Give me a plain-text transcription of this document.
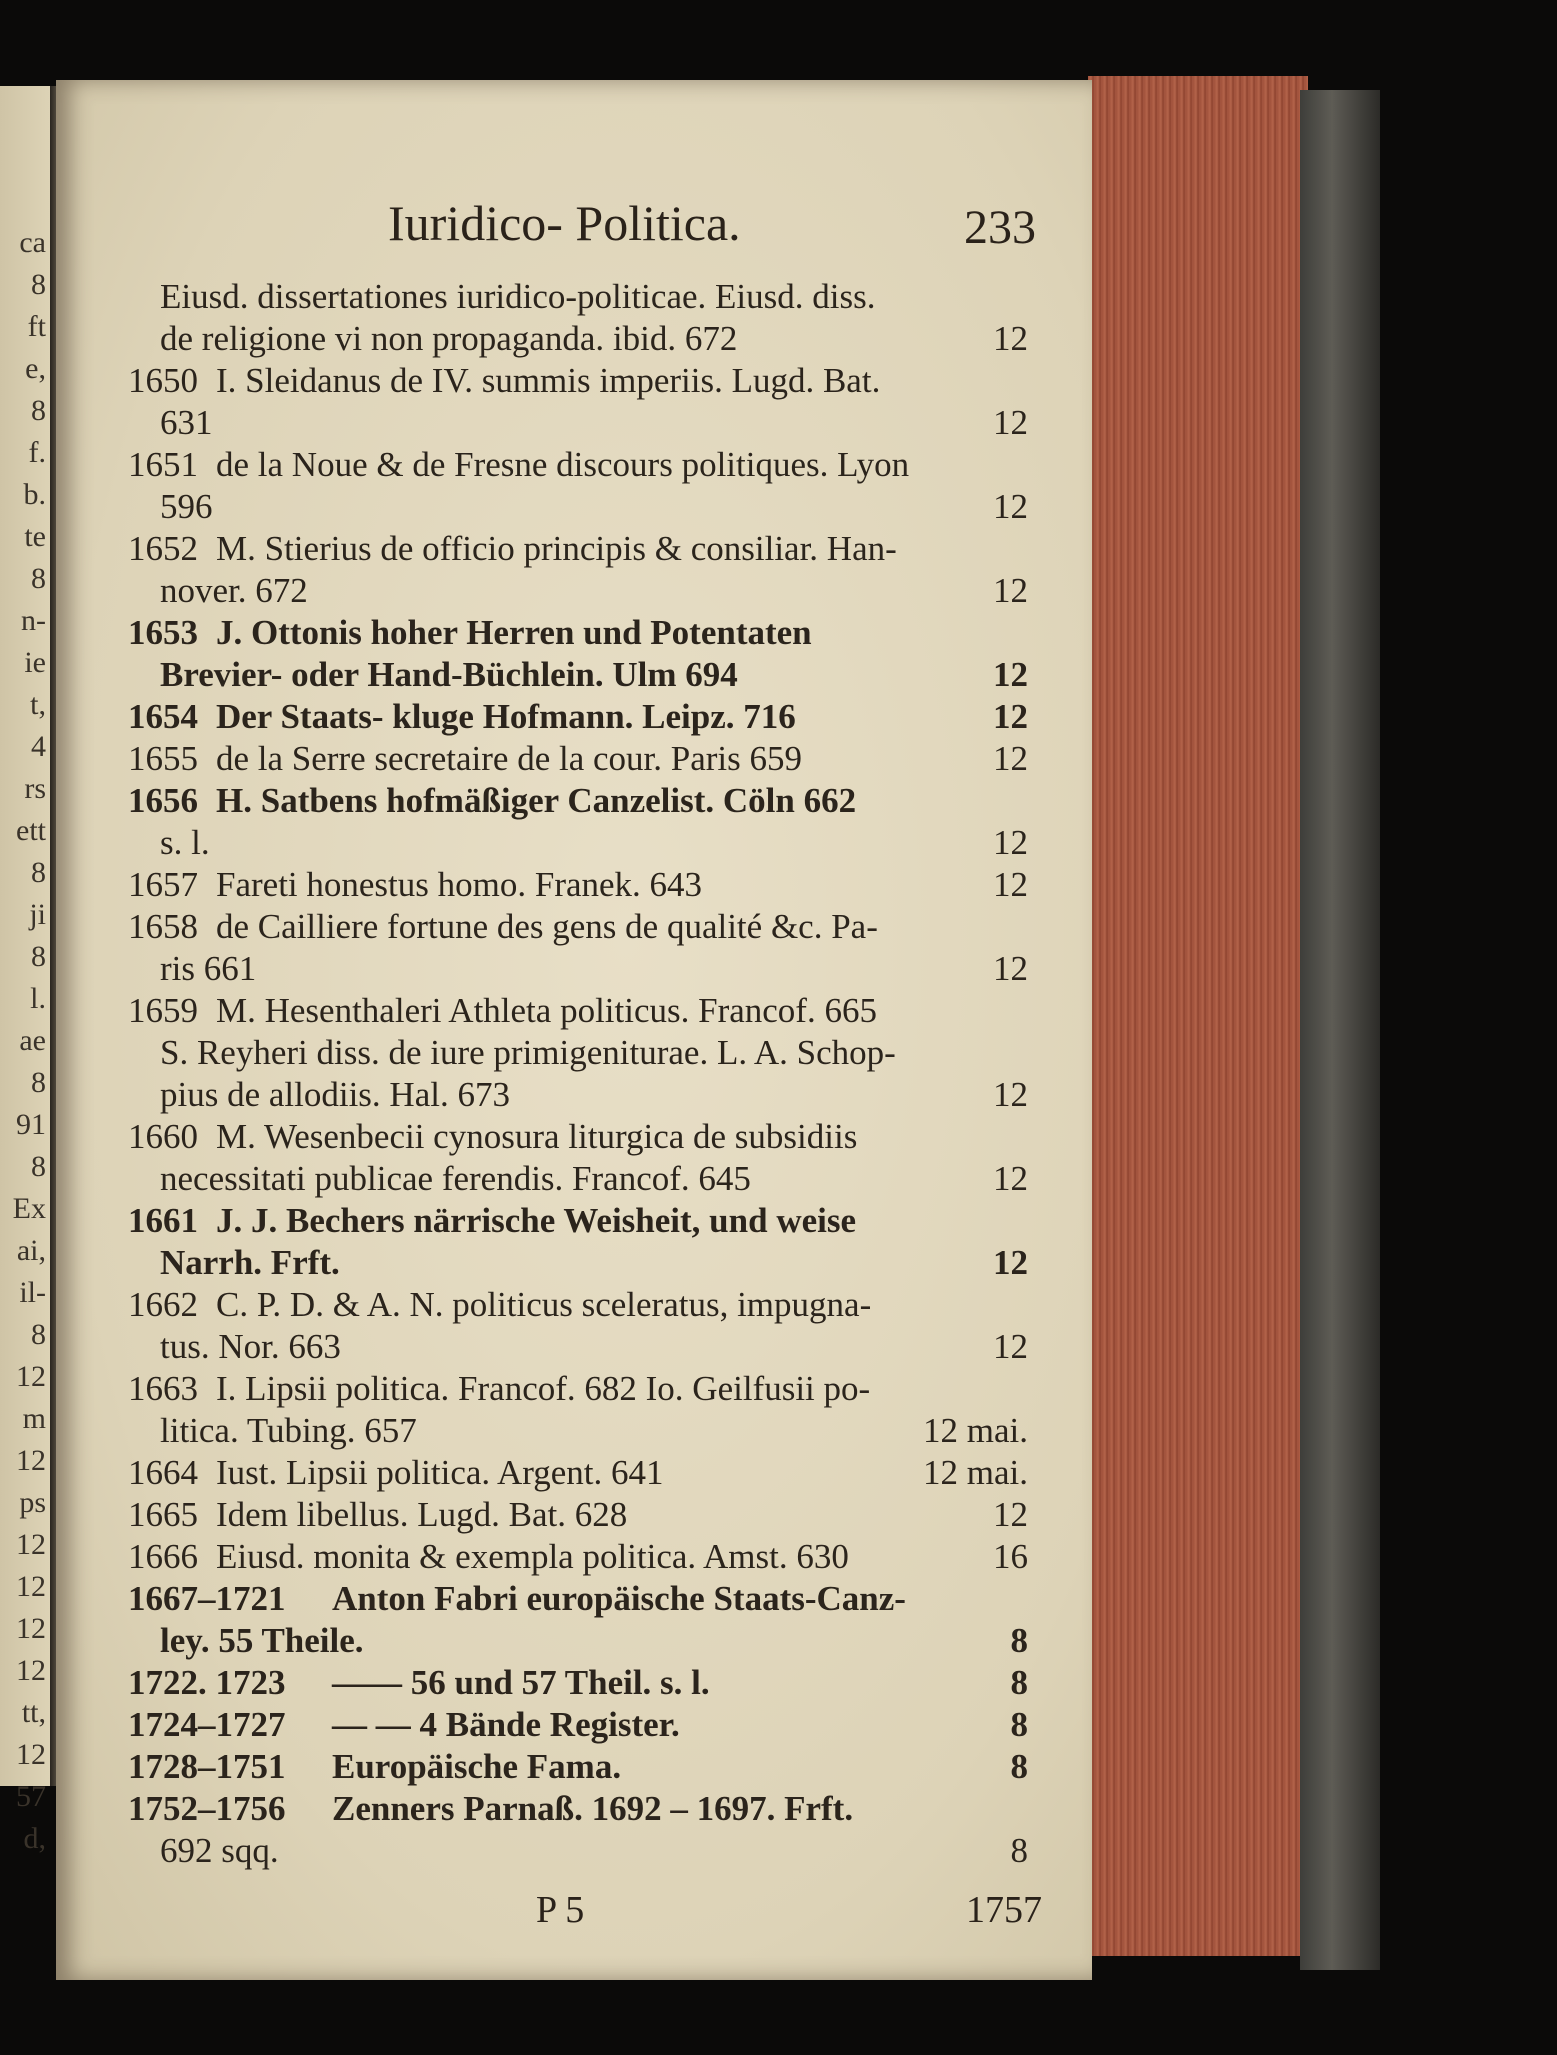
ca
8
ft
e,
8
f.
b.
te
8
n-
ie
t,
4
rs
ett
8
ji
8
l.
ae
8
91
8
Ex
ai,
il-
8
12
m
12
ps
12
12
12
12
tt,
12
57
d,
Iuridico- Politica.	233
Eiusd. dissertationes iuridico-politicae. Eiusd. diss.
de religione vi non propaganda. ibid. 672	12
1650 I. Sleidanus de IV. summis imperiis. Lugd. Bat.
631	12
1651 de la Noue & de Fresne discours politiques. Lyon
596	12
1652 M. Stierius de officio principis & consiliar. Han-
nover. 672	12
1653 J. Ottonis hoher Herren und Potentaten
Brevier- oder Hand-Büchlein. Ulm 694	12
1654 Der Staats- kluge Hofmann. Leipz. 716	12
1655 de la Serre secretaire de la cour. Paris 659	12
1656 H. Satbens hofmäßiger Canzelist. Cöln 662
s. l.	12
1657 Fareti honestus homo. Franek. 643	12
1658 de Cailliere fortune des gens de qualité &c. Pa-
ris 661	12
1659 M. Hesenthaleri Athleta politicus. Francof. 665
S. Reyheri diss. de iure primigeniturae. L. A. Schop-
pius de allodiis. Hal. 673	12
1660 M. Wesenbecii cynosura liturgica de subsidiis
necessitati publicae ferendis. Francof. 645	12
1661 J. J. Bechers närrische Weisheit, und weise
Narrh. Frft.	12
1662 C. P. D. & A. N. politicus sceleratus, impugna-
tus. Nor. 663	12
1663 I. Lipsii politica. Francof. 682 Io. Geilfusii po-
litica. Tubing. 657	12 mai.
1664 Iust. Lipsii politica. Argent. 641	12 mai.
1665 Idem libellus. Lugd. Bat. 628	12
1666 Eiusd. monita & exempla politica. Amst. 630	16
1667–1721 Anton Fabri europäische Staats-Canz-
ley. 55 Theile.	8
1722. 1723 —— 56 und 57 Theil. s. l.	8
1724–1727 — — 4 Bände Register.	8
1728–1751 Europäische Fama.	8
1752–1756 Zenners Parnaß. 1692 – 1697. Frft.
692 sqq.	8
P 5	1757
